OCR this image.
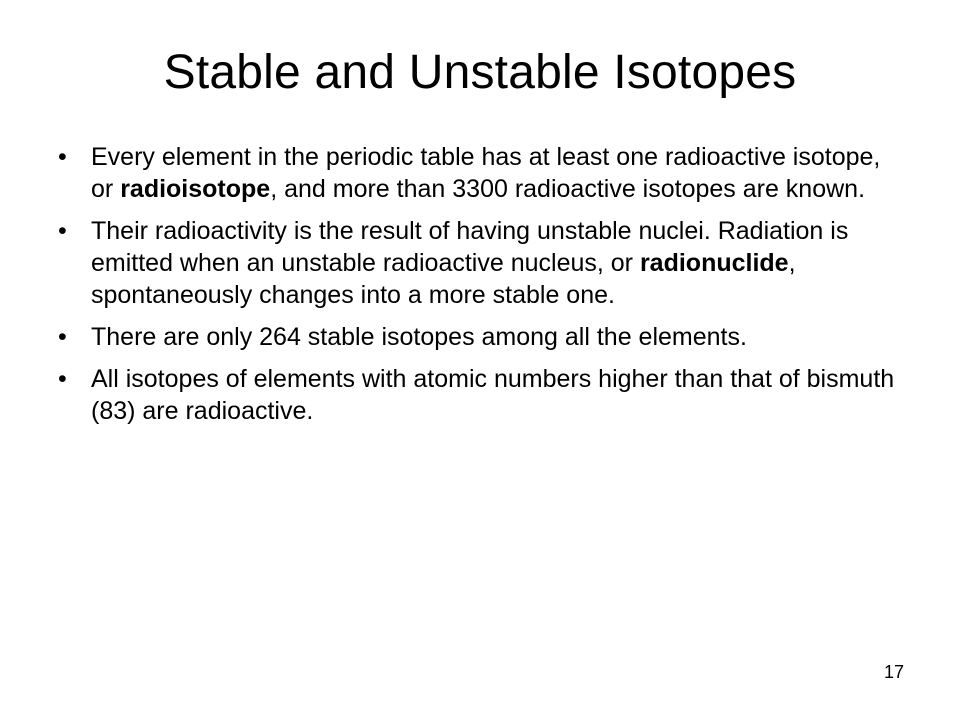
Stable and Unstable Isotopes
• Every element in the periodic table has at least one radioactive isotope, or radioisotope, and more than 3300 radioactive isotopes are known.
• Their radioactivity is the result of having unstable nuclei. Radiation is emitted when an unstable radioactive nucleus, or radionuclide, spontaneously changes into a more stable one.
• There are only 264 stable isotopes among all the elements.
• All isotopes of elements with atomic numbers higher than that of bismuth (83) are radioactive.
17
